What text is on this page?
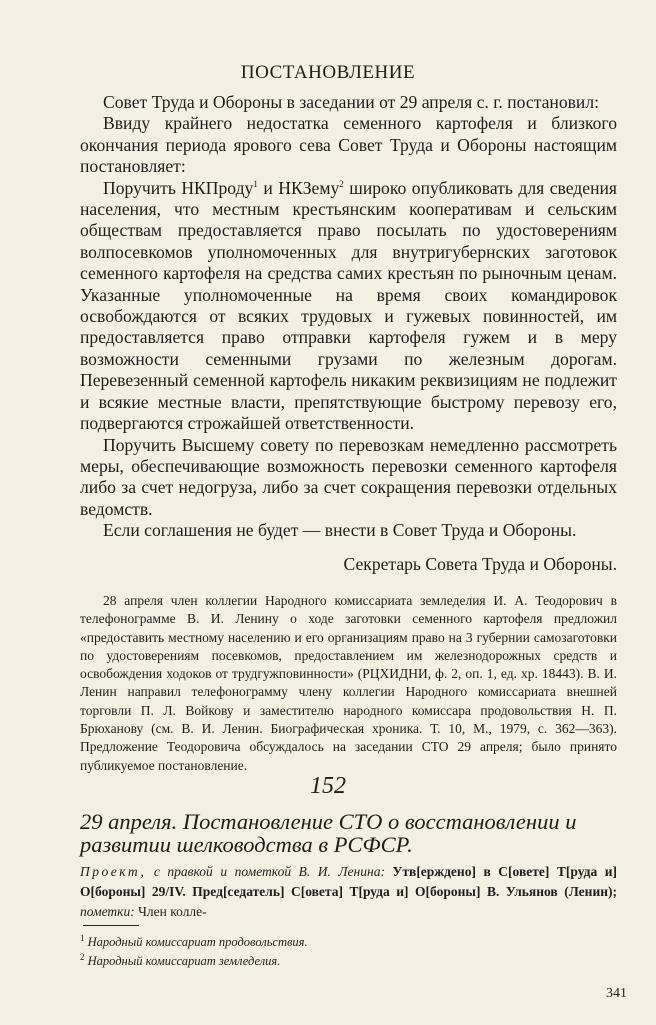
ПОСТАНОВЛЕНИЕ

Совет Труда и Обороны в заседании от 29 апреля с. г. постановил:

Ввиду крайнего недостатка семенного картофеля и близкого окончания периода ярового сева Совет Труда и Обороны настоящим постановляет:

Поручить НКПроду$^1$ и НКЗему$^2$ широко опубликовать для сведения населения, что местным крестьянским кооперативам и сельским обществам предоставляется право посылать по удостоверениям волпосевкомов уполномоченных для внутригубернских заготовок семенного картофеля на средства самих крестьян по рыночным ценам. Указанные уполномоченные на время своих командировок освобождаются от всяких трудовых и гужевых повинностей, им предоставляется право отправки картофеля гужем и в меру возможности семенными грузами по железным дорогам. Перевезенный семенной картофель никаким реквизициям не подлежит и всякие местные власти, препятствующие быстрому перевозу его, подвергаются строжайшей ответственности.

Поручить Высшему совету по перевозкам немедленно рассмотреть меры, обеспечивающие возможность перевозки семенного картофеля либо за счет недогруза, либо за счет сокращения перевозки отдельных ведомств.

Если соглашения не будет — внести в Совет Труда и Обороны.

Секретарь Совета Труда и Обороны.

28 апреля член коллегии Народного комиссариата земледелия И. А. Теодорович в телефонограмме В. И. Ленину о ходе заготовки семенного картофеля предложил «предоставить местному населению и его организациям право на 3 губернии самозаготовки по удостоверениям посевкомов, предоставлением им железнодорожных средств и освобождения ходоков от трудгужповинности» (РЦХИДНИ, ф. 2, оп. 1, ед. хр. 18443). В. И. Ленин направил телефонограмму члену коллегии Народного комиссариата внешней торговли П. Л. Войкову и заместителю народного комиссара продовольствия Н. П. Брюханову (см. В. И. Ленин. Биографическая хроника. Т. 10, М., 1979, с. 362—363). Предложение Теодоровича обсуждалось на заседании СТО 29 апреля; было принято публикуемое постановление.

152
29 апреля. Постановление СТО о восстановлении и развитии шелководства в РСФСР.
Проект, с правкой и пометкой В. И. Ленина: Утв[ерждено] в С[овете] Т[руда и] О[бороны] 29/IV. Пред[седатель] С[овета] Т[руда и] О[бороны] В. Ульянов (Ленин); пометки: Член колле-
$^1$ Народный комиссариат продовольствия.
$^2$ Народный комиссариат земледелия.
341
